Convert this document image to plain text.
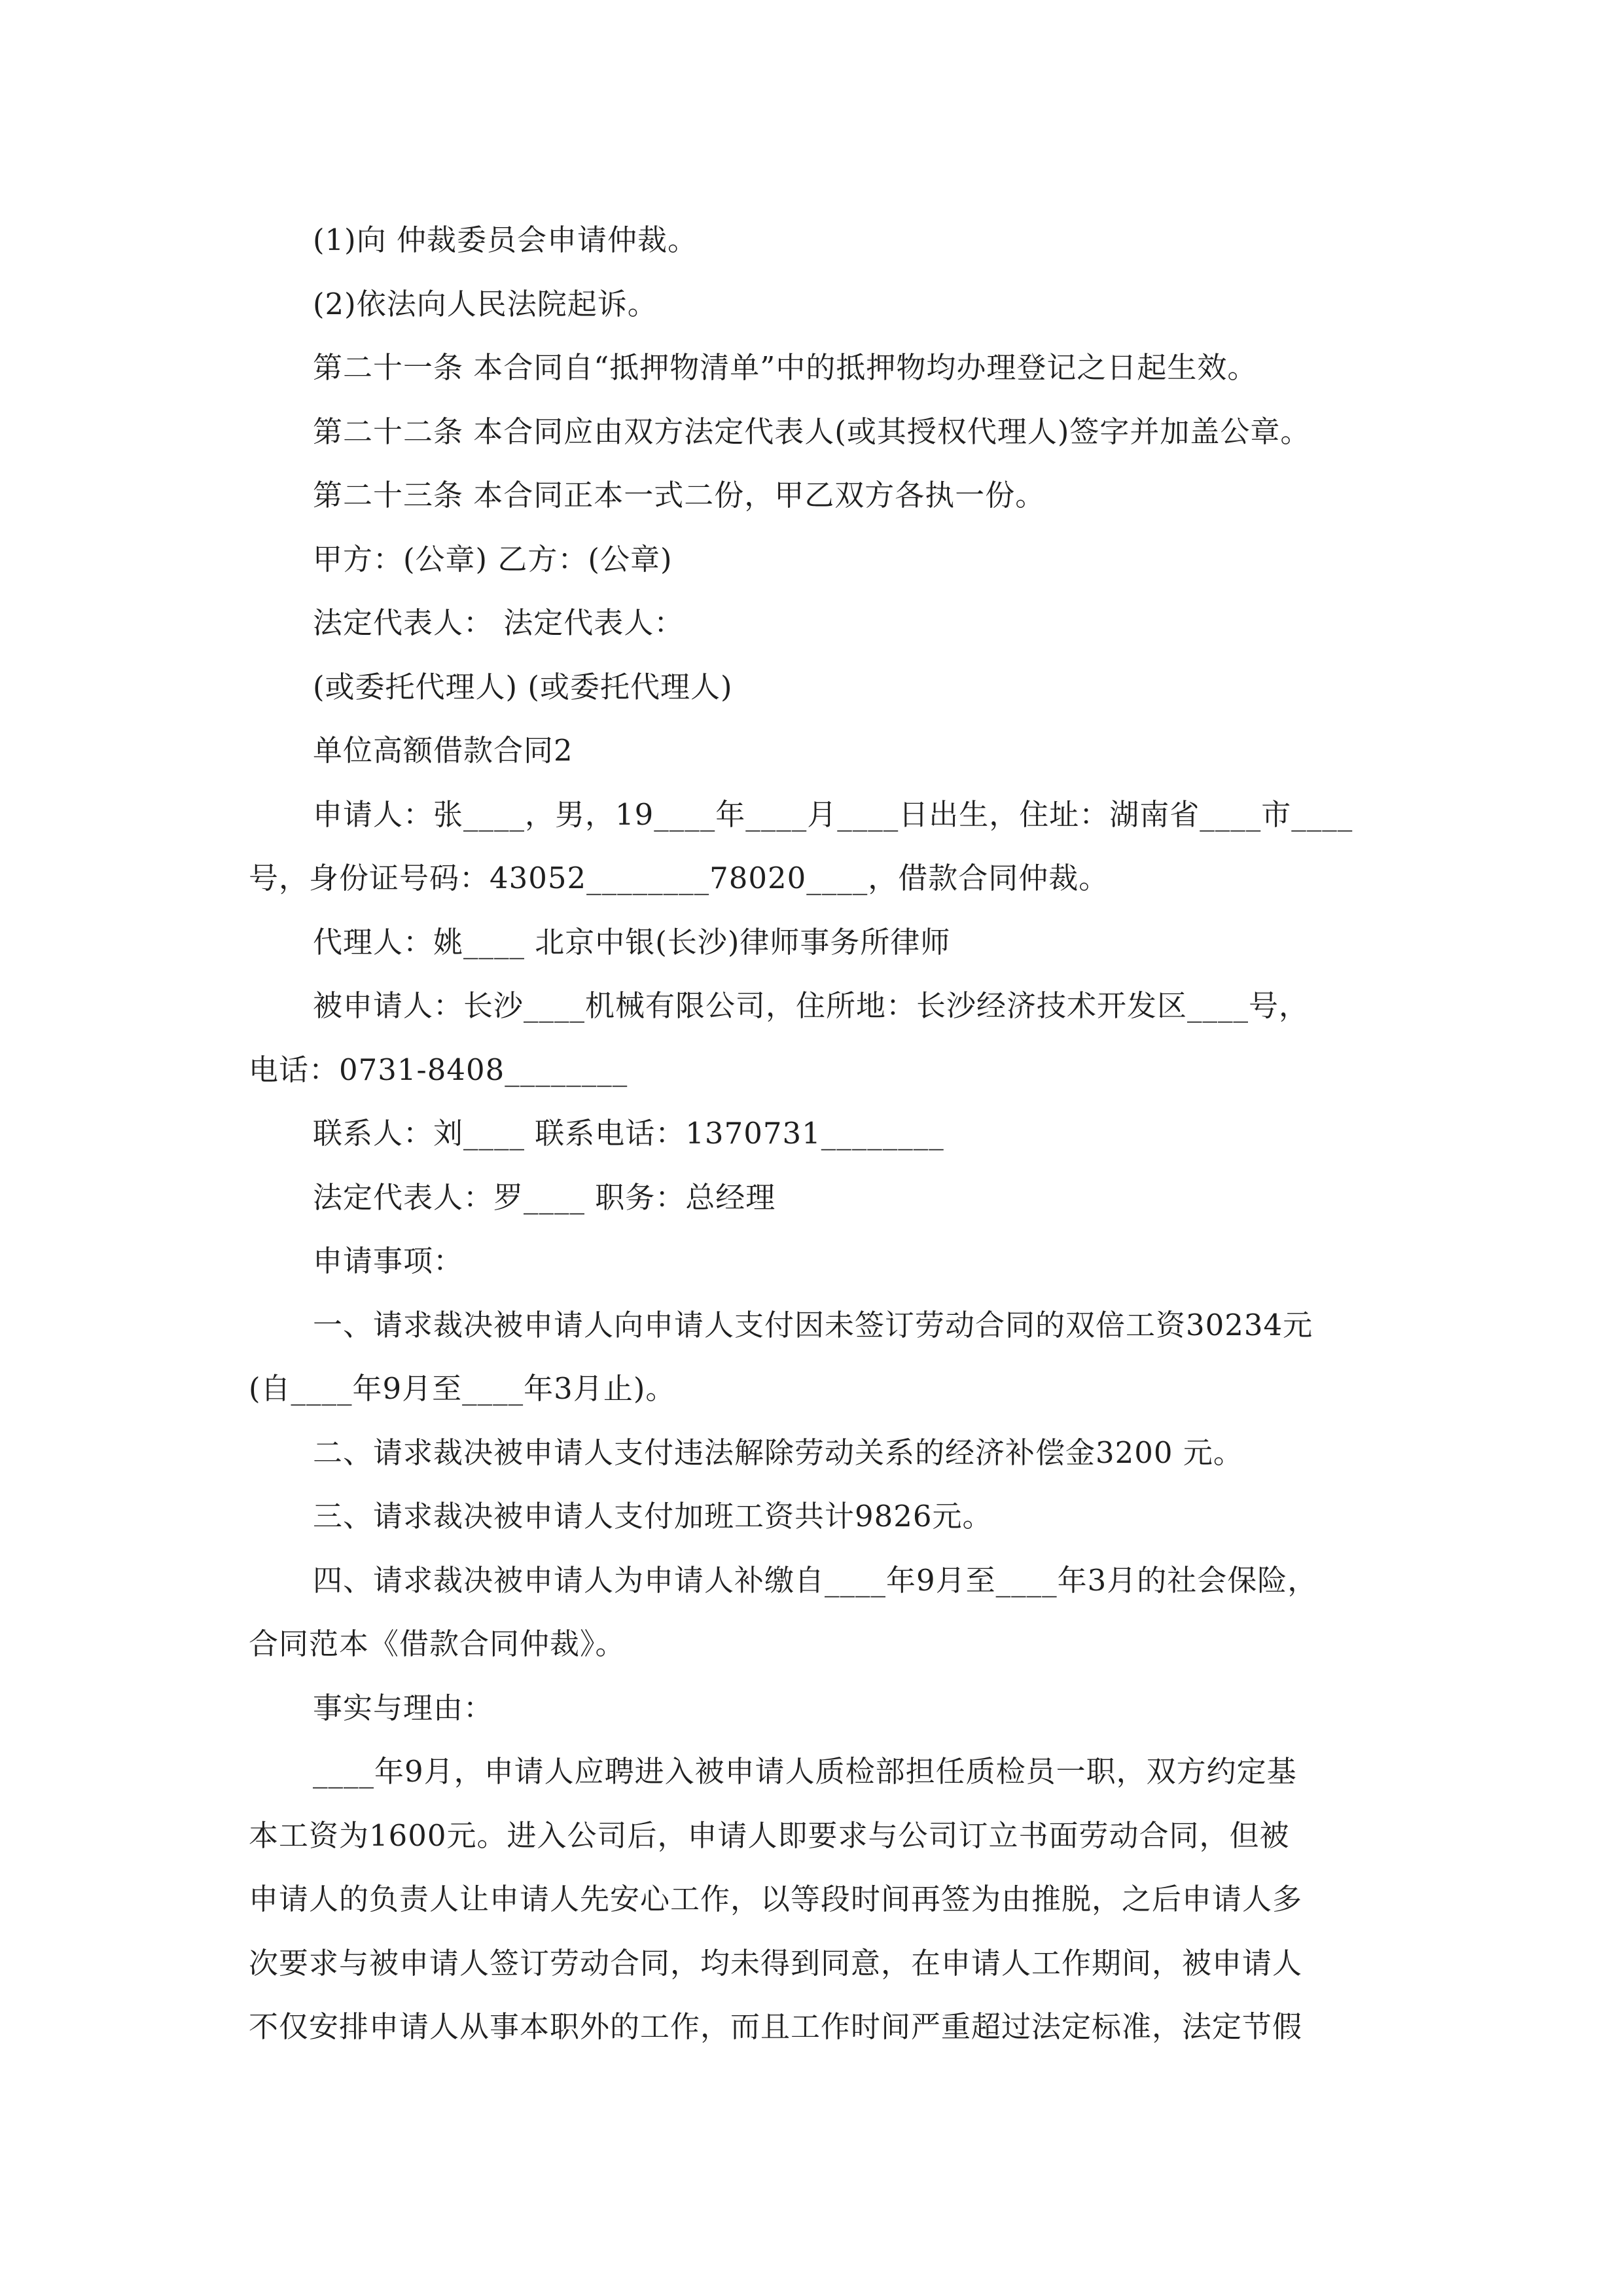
(1)向 仲裁委员会申请仲裁。
(2)依法向人民法院起诉。
第二十一条 本合同自“抵押物清单”中的抵押物均办理登记之日起生效。
第二十二条 本合同应由双方法定代表人(或其授权代理人)签字并加盖公章。
第二十三条 本合同正本一式二份，甲乙双方各执一份。
甲方：(公章) 乙方：(公章)
法定代表人： 法定代表人：
(或委托代理人) (或委托代理人)
单位高额借款合同2
申请人：张____，男，19____年____月____日出生，住址：湖南省____市____
号，身份证号码：43052________78020____，借款合同仲裁。
代理人：姚____ 北京中银(长沙)律师事务所律师
被申请人：长沙____机械有限公司，住所地：长沙经济技术开发区____号，
电话：0731-8408________
联系人：刘____ 联系电话：1370731________
法定代表人：罗____ 职务：总经理
申请事项：
一、请求裁决被申请人向申请人支付因未签订劳动合同的双倍工资30234元
(自____年9月至____年3月止)。
二、请求裁决被申请人支付违法解除劳动关系的经济补偿金3200 元。
三、请求裁决被申请人支付加班工资共计9826元。
四、请求裁决被申请人为申请人补缴自____年9月至____年3月的社会保险，
合同范本《借款合同仲裁》。
事实与理由：
____年9月，申请人应聘进入被申请人质检部担任质检员一职，双方约定基
本工资为1600元。进入公司后，申请人即要求与公司订立书面劳动合同，但被
申请人的负责人让申请人先安心工作，以等段时间再签为由推脱，之后申请人多
次要求与被申请人签订劳动合同，均未得到同意，在申请人工作期间，被申请人
不仅安排申请人从事本职外的工作，而且工作时间严重超过法定标准，法定节假
